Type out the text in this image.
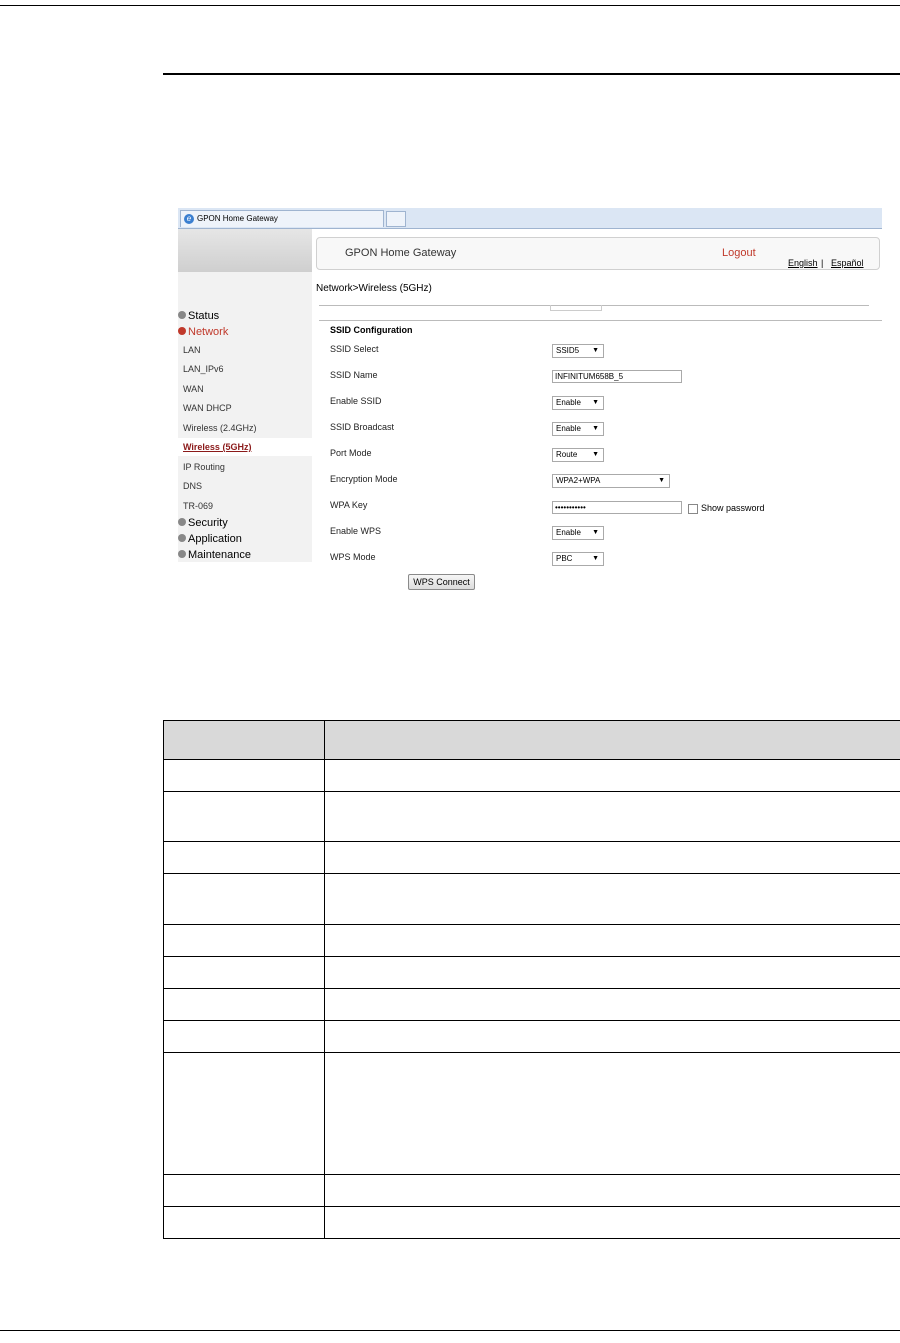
e GPON Home Gateway
Status
Network
LAN
LAN_IPv6
WAN
WAN DHCP
Wireless (2.4GHz)
Wireless (5GHz)
IP Routing
DNS
TR-069
Security
Application
Maintenance
GPON Home Gateway	Logout
English | Español
Network>Wireless (5GHz)
SSID Configuration
SSID Select	SSID5 ▼
SSID Name	INFINITUM658B_5
Enable SSID	Enable ▼
SSID Broadcast	Enable ▼
Port Mode	Route ▼
Encryption Mode	WPA2+WPA	▼
WPA Key	•••••••••••	Show password
Enable WPS	Enable ▼
WPS Mode	PBC	▼
WPS Connect
